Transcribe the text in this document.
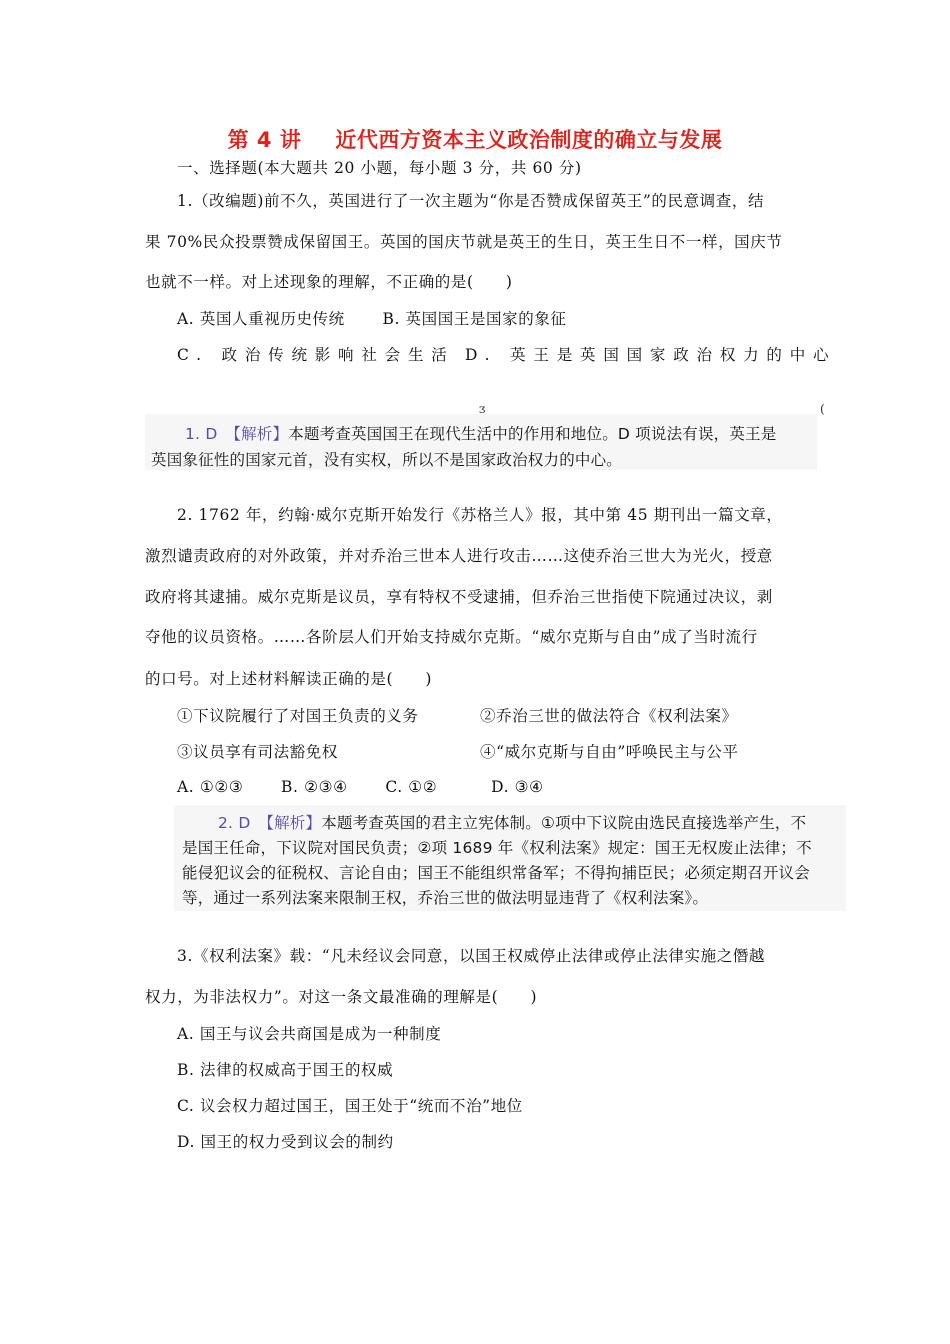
第 4 讲 近代西方资本主义政治制度的确立与发展
一、选择题(本大题共 20 小题，每小题 3 分，共 60 分)
1.（改编题)前不久，英国进行了一次主题为“你是否赞成保留英王”的民意调查，结
果 70%民众投票赞成保留国王。英国的国庆节就是英王的生日，英王生日不一样，国庆节
也就不一样。对上述现象的理解，不正确的是(　　)
A. 英国人重视历史传统　　 B. 英国国王是国家的象征
C. 政治传统影响社会生活 D. 英王是英国国家政治权力的中心
1. D　【解析】本题考查英国国王在现代生活中的作用和地位。D 项说法有误，英王是
英国象征性的国家元首，没有实权，所以不是国家政治权力的中心。
ᴣ	(
2. 1762 年，约翰·威尔克斯开始发行《苏格兰人》报，其中第 45 期刊出一篇文章，
激烈谴责政府的对外政策，并对乔治三世本人进行攻击……这使乔治三世大为光火，授意
政府将其逮捕。威尔克斯是议员，享有特权不受逮捕，但乔治三世指使下院通过决议，剥
夺他的议员资格。……各阶层人们开始支持威尔克斯。“威尔克斯与自由”成了当时流行
的口号。对上述材料解读正确的是(　　)
①下议院履行了对国王负责的义务	②乔治三世的做法符合《权利法案》
③议员享有司法豁免权	④“威尔克斯与自由”呼唤民主与公平
A. ①②③　　 B. ②③④　　 C. ①②　　　 D. ③④
2. D　【解析】本题考查英国的君主立宪体制。①项中下议院由选民直接选举产生，不
是国王任命，下议院对国民负责；②项 1689 年《权利法案》规定：国王无权废止法律；不
能侵犯议会的征税权、言论自由；国王不能组织常备军；不得拘捕臣民；必须定期召开议会
等，通过一系列法案来限制王权，乔治三世的做法明显违背了《权利法案》。
3.《权利法案》载：“凡未经议会同意，以国王权威停止法律或停止法律实施之僭越
权力，为非法权力”。对这一条文最准确的理解是(　　)
A. 国王与议会共商国是成为一种制度
B. 法律的权威高于国王的权威
C. 议会权力超过国王，国王处于“统而不治”地位
D. 国王的权力受到议会的制约
